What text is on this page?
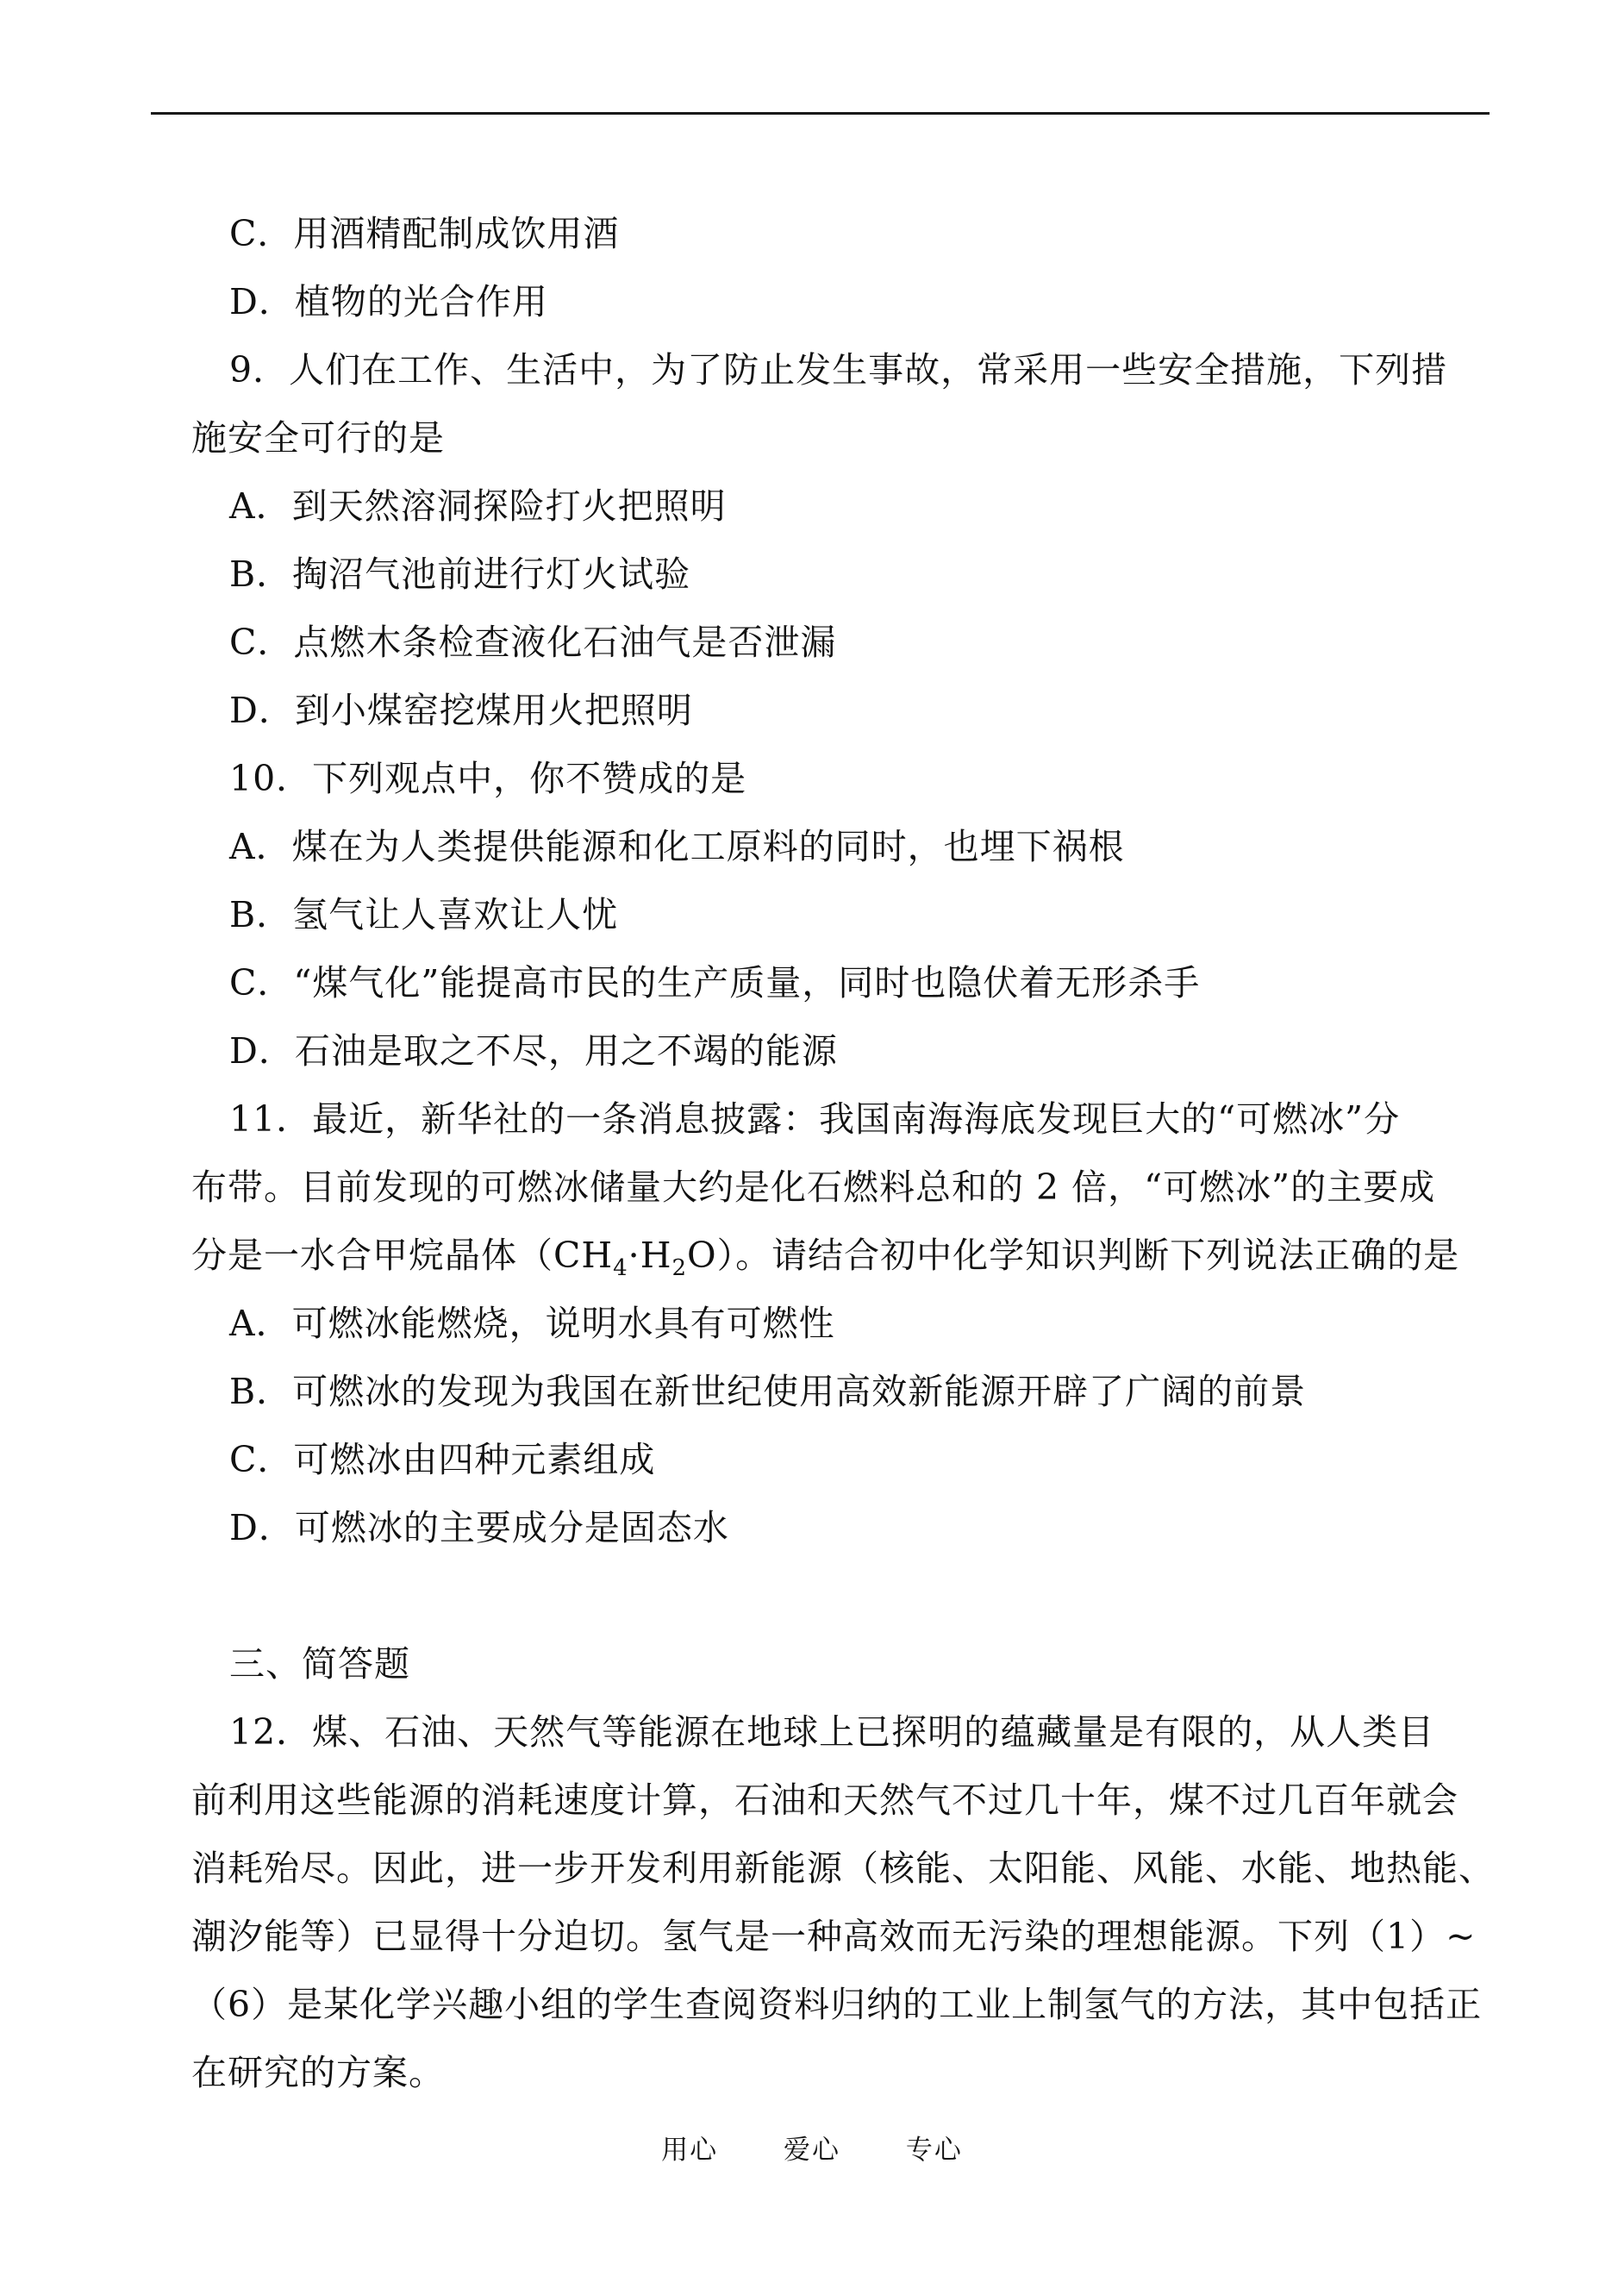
C．用酒精配制成饮用酒
D．植物的光合作用
9．人们在工作、生活中，为了防止发生事故，常采用一些安全措施，下列措
施安全可行的是
A．到天然溶洞探险打火把照明
B．掏沼气池前进行灯火试验
C．点燃木条检查液化石油气是否泄漏
D．到小煤窑挖煤用火把照明
10．下列观点中，你不赞成的是
A．煤在为人类提供能源和化工原料的同时，也埋下祸根
B．氢气让人喜欢让人忧
C．“煤气化”能提高市民的生产质量，同时也隐伏着无形杀手
D．石油是取之不尽，用之不竭的能源
11．最近，新华社的一条消息披露：我国南海海底发现巨大的“可燃冰”分
布带。目前发现的可燃冰储量大约是化石燃料总和的 2 倍，“可燃冰”的主要成
分是一水合甲烷晶体$(CH_4\cdot H_2O)$。请结合初中化学知识判断下列说法正确的是
A．可燃冰能燃烧，说明水具有可燃性
B．可燃冰的发现为我国在新世纪使用高效新能源开辟了广阔的前景
C．可燃冰由四种元素组成
D．可燃冰的主要成分是固态水
三、简答题
12．煤、石油、天然气等能源在地球上已探明的蕴藏量是有限的，从人类目
前利用这些能源的消耗速度计算，石油和天然气不过几十年，煤不过几百年就会
消耗殆尽。因此，进一步开发利用新能源（核能、太阳能、风能、水能、地热能、
潮汐能等）已显得十分迫切。氢气是一种高效而无污染的理想能源。下列（1）~
（6）是某化学兴趣小组的学生查阅资料归纳的工业上制氢气的方法，其中包括正
在研究的方案。
用心 爱心 专心
